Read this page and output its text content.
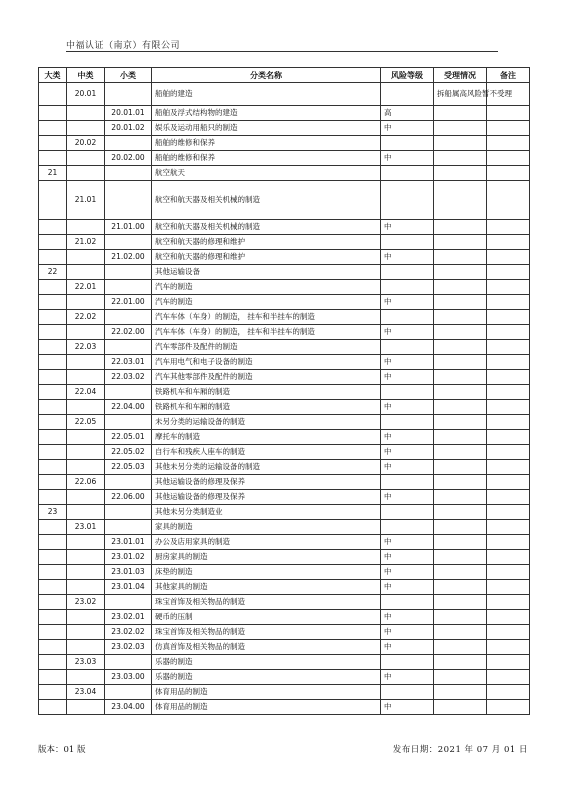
中福认证（南京）有限公司
大类	中类	小类	分类名称	风险等级	受理情况	备注
	20.01		船舶的建造		拆船属高风险暂不受理	
		20.01.01	船舶及浮式结构物的建造	高		
		20.01.02	娱乐及运动用船只的制造	中		
	20.02		船舶的维修和保养			
		20.02.00	船舶的维修和保养	中		
21			航空航天			
	21.01		航空和航天器及相关机械的制造			
		21.01.00	航空和航天器及相关机械的制造	中		
	21.02		航空和航天器的修理和维护			
		21.02.00	航空和航天器的修理和维护	中		
22			其他运输设备			
	22.01		汽车的制造			
		22.01.00	汽车的制造	中		
	22.02		汽车车体（车身）的制造， 挂车和半挂车的制造			
		22.02.00	汽车车体（车身）的制造， 挂车和半挂车的制造	中		
	22.03		汽车零部件及配件的制造			
		22.03.01	汽车用电气和电子设备的制造	中		
		22.03.02	汽车其他零部件及配件的制造	中		
	22.04		铁路机车和车厢的制造			
		22.04.00	铁路机车和车厢的制造	中		
	22.05		未另分类的运输设备的制造			
		22.05.01	摩托车的制造	中		
		22.05.02	自行车和残疾人座车的制造	中		
		22.05.03	其他未另分类的运输设备的制造	中		
	22.06		其他运输设备的修理及保养			
		22.06.00	其他运输设备的修理及保养	中		
23			其他未另分类制造业			
	23.01		家具的制造			
		23.01.01	办公及店用家具的制造	中		
		23.01.02	厨房家具的制造	中		
		23.01.03	床垫的制造	中		
		23.01.04	其他家具的制造	中		
	23.02		珠宝首饰及相关物品的制造			
		23.02.01	硬币的压制	中		
		23.02.02	珠宝首饰及相关物品的制造	中		
		23.02.03	仿真首饰及相关物品的制造	中		
	23.03		乐器的制造			
		23.03.00	乐器的制造	中		
	23.04		体育用品的制造			
		23.04.00	体育用品的制造	中		
版本：01 版	发布日期：2021 年 07 月 01 日
